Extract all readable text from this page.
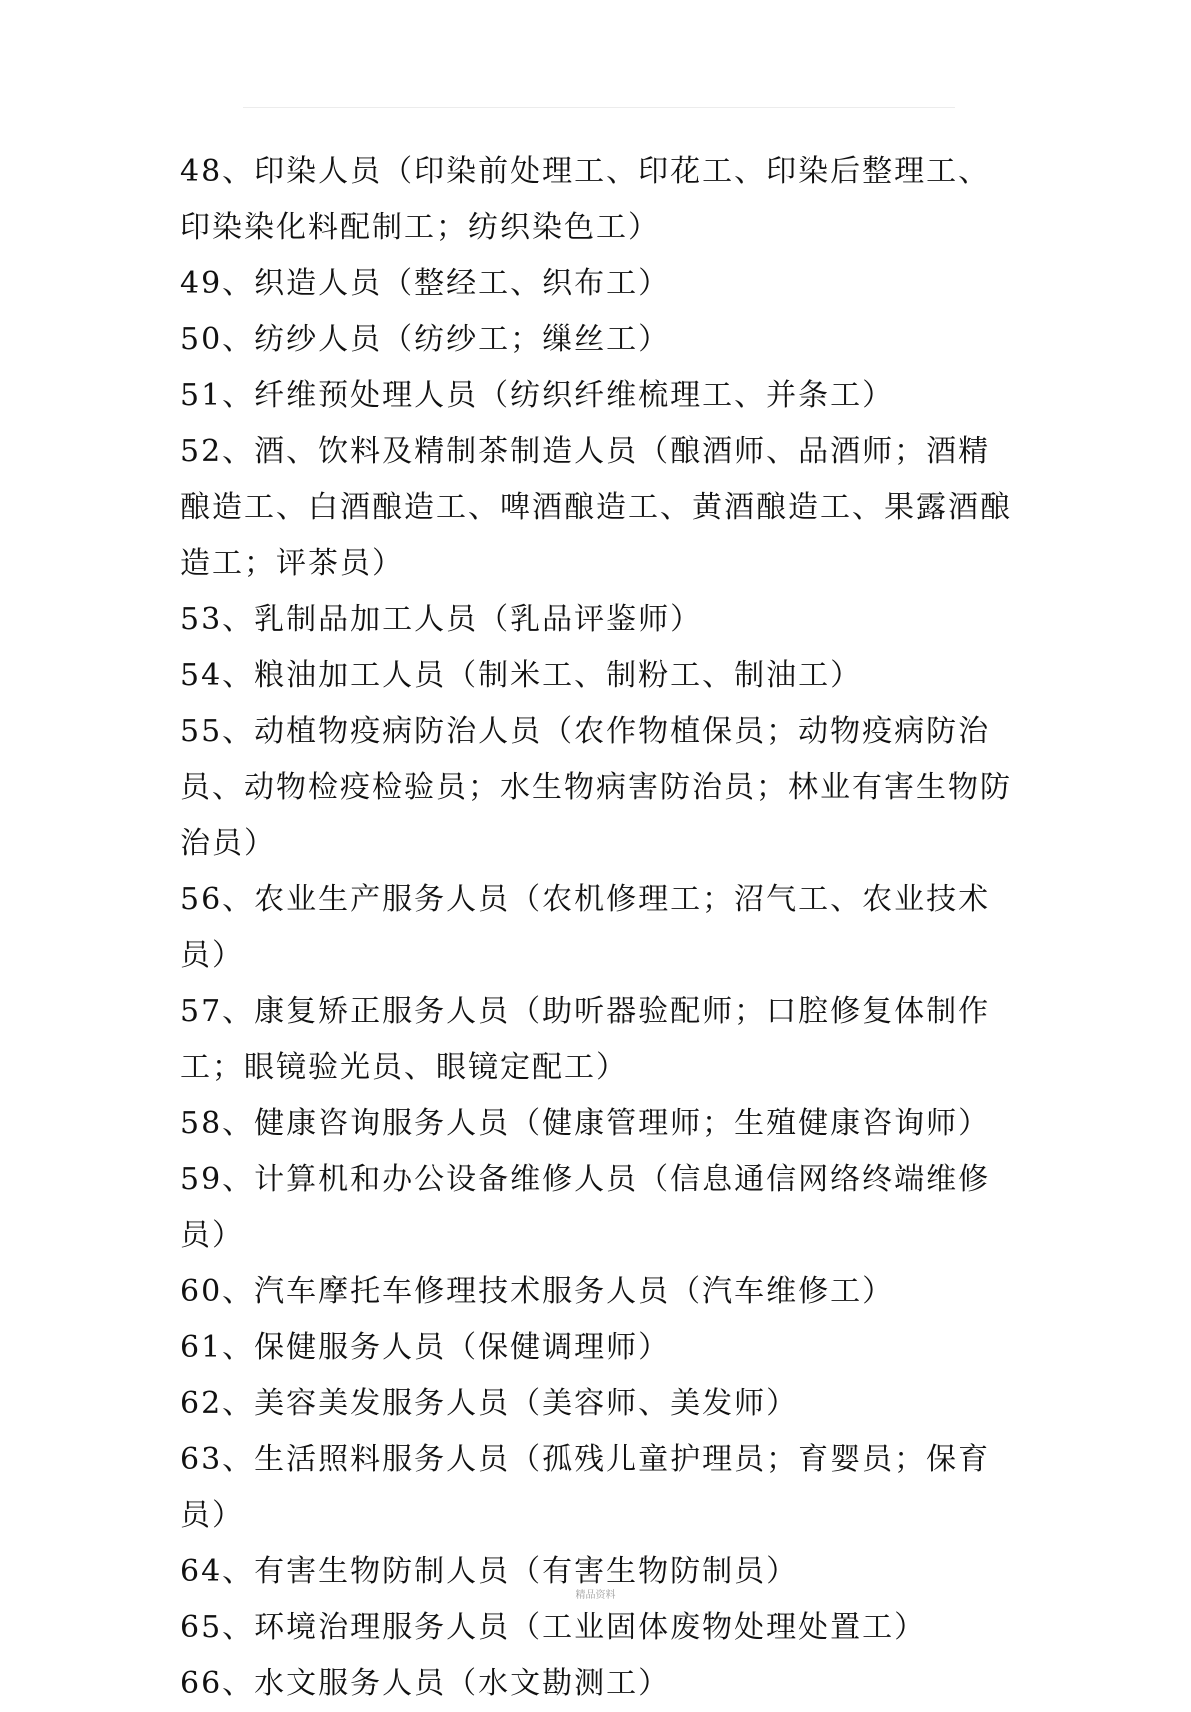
48、印染人员（印染前处理工、印花工、印染后整理工、印染染化料配制工；纺织染色工）

49、织造人员（整经工、织布工）

50、纺纱人员（纺纱工；缫丝工）

51、纤维预处理人员（纺织纤维梳理工、并条工）

52、酒、饮料及精制茶制造人员（酿酒师、品酒师；酒精酿造工、白酒酿造工、啤酒酿造工、黄酒酿造工、果露酒酿造工；评茶员）

53、乳制品加工人员（乳品评鉴师）

54、粮油加工人员（制米工、制粉工、制油工）

55、动植物疫病防治人员（农作物植保员；动物疫病防治员、动物检疫检验员；水生物病害防治员；林业有害生物防治员）

56、农业生产服务人员（农机修理工；沼气工、农业技术员）

57、康复矫正服务人员（助听器验配师；口腔修复体制作工；眼镜验光员、眼镜定配工）

58、健康咨询服务人员（健康管理师；生殖健康咨询师）

59、计算机和办公设备维修人员（信息通信网络终端维修员）

60、汽车摩托车修理技术服务人员（汽车维修工）

61、保健服务人员（保健调理师）

62、美容美发服务人员（美容师、美发师）

63、生活照料服务人员（孤残儿童护理员；育婴员；保育员）

64、有害生物防制人员（有害生物防制员）

65、环境治理服务人员（工业固体废物处理处置工）

66、水文服务人员（水文勘测工）

精品资料
